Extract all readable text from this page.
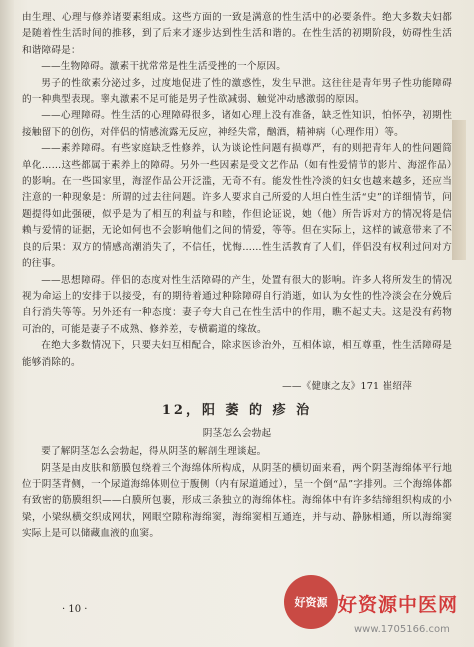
由生理、心理与修养诸要素组成。这些方面的一致是满意的性生活中的必要条件。绝大多数夫妇都是随着性生活时间的推移，到了后来才逐步达到性生活和谐的。在性生活的初期阶段，妨碍性生活和谐障碍是：

——生物障碍。激素干扰常常是性生活受挫的一个原因。

男子的性欲素分泌过多，过度地促进了性的激惑性，发生早泄。这往往是青年男子性功能障碍的一种典型表现。睾丸激素不足可能是男子性欲减弱、触觉冲动感激弱的原因。

——心理障碍。性生活的心理障碍很多，诸如心理上没有准备，缺乏性知识，怕怀孕，初期性接触留下的创伤，对伴侣的情感流露无反应，神经失常，酗酒，精神病（心理作用）等。

——素养障碍。有些家庭缺乏性修养，认为谈论性问题有损尊严，有的则把青年人的性问题简单化……这些都属于素养上的障碍。另外一些因素是受文艺作品（如有性爱情节的影片、海涩作品）的影响。在一些国家里，海涩作品公开泛滥，无奇不有。能发性性冷淡的妇女也越来越多，还应当注意的一种现象是：所谓的过去往问题。许多人要求自己所爱的人坦白性生活“史”的详细情节，问题提得如此强硬，似乎是为了相互的利益与和睦，作但论证说，她（他）所告诉对方的情况将是信赖与爱情的证据，无论如何也不会影响他们之间的情爱，等等。但在实际上，这样的诚意带来了不良的后果：双方的情感高潮消失了，不信任，忧悔……性生活教育了人们，伴侣没有权利过问对方的往事。

——思想障碍。伴侣的态度对性生活障碍的产生，处置有很大的影响。许多人将所发生的情况视为命运上的安排于以接受，有的期待着通过种除障碍自行消逝，如认为女性的性冷淡会在分娩后自行消失等等。另外还有一种态度：妻子夸大自己在性生活中的作用，瞧不起丈夫。这是没有药物可治的，可能是妻子不成熟、修养差，专横霸道的缘故。

在绝大多数情况下，只要夫妇互相配合，除求医诊治外，互相体谅，相互尊重，性生活障碍是能够消除的。

——《健康之友》171 崔绍萍
12，阳 萎 的 疹 治
阴茎怎么会勃起

要了解阴茎怎么会勃起，得从阴茎的解剖生理谈起。

阴茎是由皮肤和筋膜包绕着三个海绵体所构成，从阴茎的横切面来看，两个阴茎海绵体平行地位于阴茎背侧，一个尿道海绵体则位于腹侧（内有尿道通过），呈一个倒“品”字排列。三个海绵体都有致密的筋膜组织——白膜所包裹，形成三条独立的海绵体柱。海绵体中有许多结缔组织构成的小梁，小梁纵横交织成网状，网眼空隙称海绵窦，海绵窦相互通连，并与动、静脉相通，所以海绵窦实际上是可以储藏血液的血窦。

· 10 ·
好资源 好资源中医网
www.1705166.com
